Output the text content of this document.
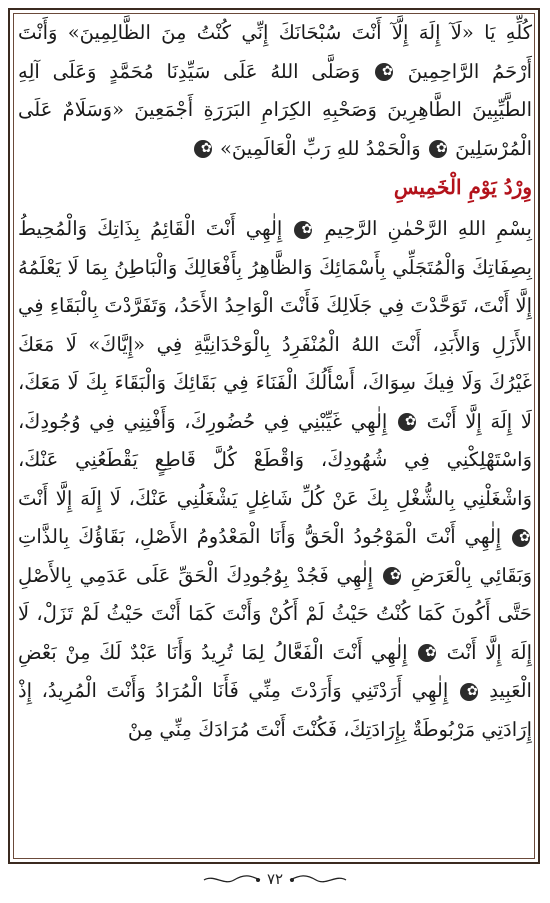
كُلِّهِ يَا «لَآ إِلَهَ إِلَّآ أَنْتَ سُبْحَانَكَ إِنِّي كُنْتُ مِنَ الظَّالِمِينَ» وَأَنْتَ أَرْحَمُ الرَّاحِمِينَ ✿ وَصَلَّى اللهُ عَلَى سَيِّدِنَا مُحَمَّدٍ وَعَلَى آلِهِ الطَّيِّبِينَ الطَّاهِرِينَ وَصَحْبِهِ الكِرَامِ البَرَرَةِ أَجْمَعِينَ «وَسَلَامٌ عَلَى الْمُرْسَلِينَ ✿ وَالْحَمْدُ للهِ رَبِّ الْعَالَمِينَ» ✿

وِرْدُ يَوْمِ الْخَمِيسِ

بِسْمِ اللهِ الرَّحْمٰنِ الرَّحِيمِ ✿ إِلٰهِي أَنْتَ الْقَائِمُ بِذَاتِكَ وَالْمُحِيطُ بِصِفَاتِكَ وَالْمُتَجَلِّي بِأَسْمَائِكَ وَالظَّاهِرُ بِأَفْعَالِكَ وَالْبَاطِنُ بِمَا لَا يَعْلَمُهُ إِلَّا أَنْتَ، تَوَحَّدْتَ فِي جَلَالِكَ فَأَنْتَ الْوَاحِدُ الأَحَدُ، وَتَفَرَّدْتَ بِالْبَقَاءِ فِي الأَزَلِ وَالأَبَدِ، أَنْتَ اللهُ الْمُنْفَرِدُ بِالْوَحْدَانِيَّةِ فِي «إِيَّاكَ» لَا مَعَكَ غَيْرُكَ وَلَا فِيكَ سِوَاكَ، أَسْأَلُكَ الْفَنَاءَ فِي بَقَائِكَ وَالْبَقَاءَ بِكَ لَا مَعَكَ، لَا إِلَهَ إِلَّا أَنْتَ ✿ إِلٰهِي غَيِّبْنِي فِي حُضُورِكَ، وَأَفْنِنِي فِي وُجُودِكَ، وَاسْتَهْلِكْنِي فِي شُهُودِكَ، وَاقْطَعْ كُلَّ قَاطِعٍ يَقْطَعُنِي عَنْكَ، وَاشْغَلْنِي بِالشُّغْلِ بِكَ عَنْ كُلِّ شَاغِلٍ يَشْغَلُنِي عَنْكَ، لَا إِلَهَ إِلَّا أَنْتَ ✿ إِلٰهِي أَنْتَ الْمَوْجُودُ الْحَقُّ وَأَنَا الْمَعْدُومُ الأَصْلِ، بَقَاؤُكَ بِالذَّاتِ وَبَقَائِي بِالْعَرَضِ ✿ إِلٰهِي فَجُدْ بِوُجُودِكَ الْحَقِّ عَلَى عَدَمِي بِالأَصْلِ حَتَّى أَكُونَ كَمَا كُنْتُ حَيْثُ لَمْ أَكُنْ وَأَنْتَ كَمَا أَنْتَ حَيْثُ لَمْ تَزَلْ، لَا إِلَهَ إِلَّا أَنْتَ ✿ إِلٰهِي أَنْتَ الْفَعَّالُ لِمَا تُرِيدُ وَأَنَا عَبْدٌ لَكَ مِنْ بَعْضِ الْعَبِيدِ ✿ إِلٰهِي أَرَدْتَنِي وَأَرَدْتَ مِنِّي فَأَنَا الْمُرَادُ وَأَنْتَ الْمُرِيدُ، إِذْ إِرَادَتِي مَرْبُوطَةٌ بِإِرَادَتِكَ، فَكُنْتَ أَنْتَ مُرَادَكَ مِنِّي مِنْ

٧٢
